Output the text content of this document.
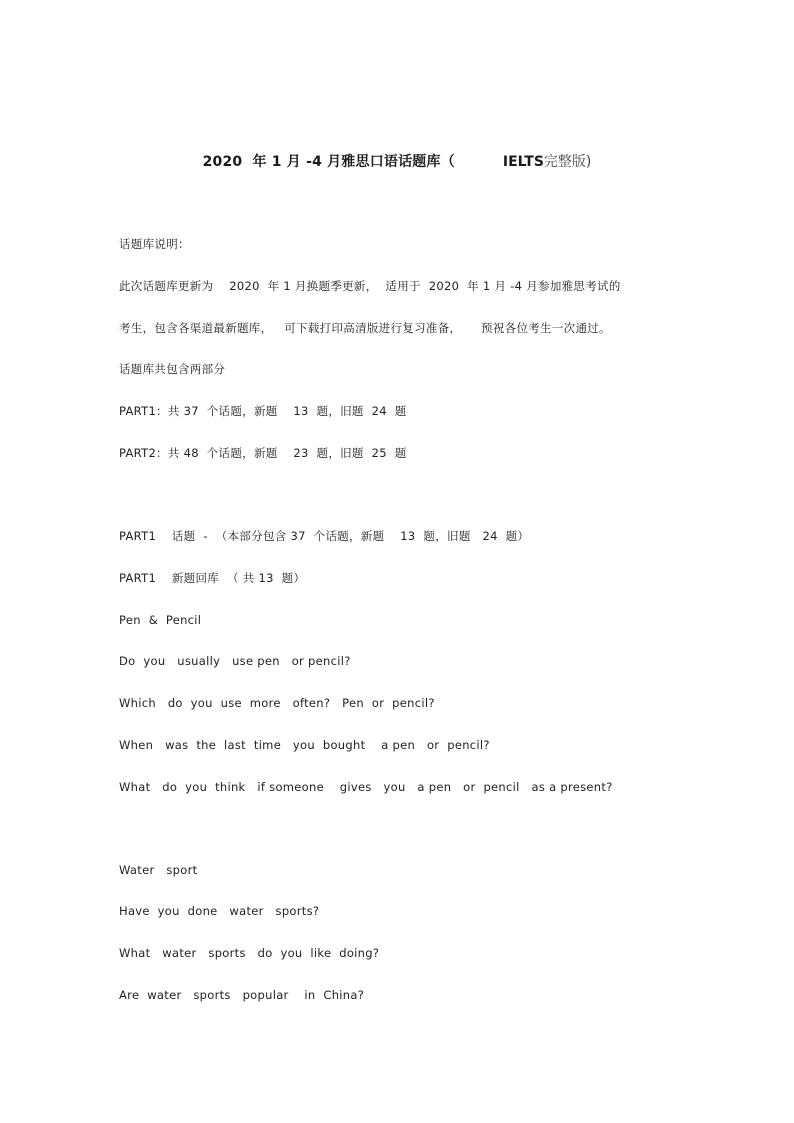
2020  年 1 月 -4 月雅思口语话题库（	IELTS完整版)
话题库说明：
此次话题库更新为    2020  年 1 月换题季更新，  适用于  2020  年 1 月 -4 月参加雅思考试的
考生，包含各渠道最新题库，   可下载打印高清版进行复习准备，     预祝各位考生一次通过。
话题库共包含两部分
PART1：共 37  个话题，新题    13  题，旧题  24  题
PART2：共 48  个话题，新题    23  题，旧题  25  题
PART1    话题  -  （本部分包含 37  个话题，新题    13  题，旧题   24  题）
PART1    新题回库  （ 共 13  题）
Pen  &  Pencil
Do  you   usually   use pen   or pencil?
Which   do  you  use  more   often?   Pen  or  pencil?
When   was  the  last  time   you  bought    a pen   or  pencil?
What   do  you  think   if someone    gives   you   a pen   or  pencil   as a present?
Water   sport
Have  you  done   water   sports?
What   water   sports   do  you  like  doing?
Are  water   sports   popular    in  China?
